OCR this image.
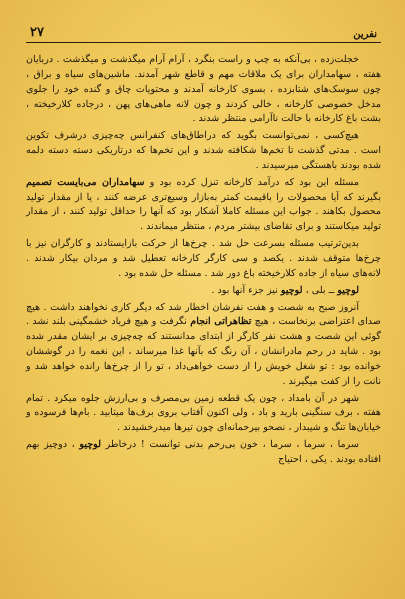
۲۷	نفرین

خجلت‌زده ، بی‌آنکه به چپ و راست بنگرد ، آرام آرام میگذشت و میگذشت . دربایان هفته ، سهامداران برای یک ملاقات مهم و قاطع شهر آمدند. ماشین‌های سیاه و براق ، چون سوسک‌های شتابزده ، بسوی کارخانه آمدند و محتویات چاق و گنده خود را جلوی مدخل خصوصی کارخانه ، خالی کردند و چون لانه ماهی‌های پهن ، درجاده کلارخیخته ، بشت باغ کارخانه با حالت ناآرامی منتظر شدند .

هیچ‌کسی ، نمی‌توانست بگوید که دراطاق‌های کنفرانس چه‌چیزی درشرف تکوین است . مدتی گذشت تا تخم‌ها شکافته شدند و این تخم‌ها که درتاریکی دسته دسته دلمه شده بودند باهستگی میرسیدند .

مسئله این بود که درآمد کارخانه تنزل کرده بود و سهامداران می‌بایست تصمیم بگیرند که آیا محصولات را باقیمت کمتر به‌بازار وسیع‌تری عرضه کنند ، یا از مقدار تولید محصول بکاهند . جواب این مسئله کاملا آشکار بود که آنها را حداقل تولید کنند ، از مقدار تولید میکاستند و برای تقاضای بیشتر مردم ، منتظر میماندند .

بدین‌ترتیب مسئله بسرعت حل شد . چرخ‌ها از حرکت بازایستادند و کارگران نیز با چرخ‌ها متوقف شدند . یکصد و سی کارگر کارخانه تعطیل شد و مردان بیکار شدند . لانه‌های سیاه از جاده کلارخیخته باغ دور شد . مسئله حل شده بود .

لوچیو ــ بلی ، لوچیو نیز جزء آنها بود .

آنروز صبح به شصت و هفت نفرشان اخطار شد که دیگر کاری نخواهند داشت . هیچ صدای اعتراضی برنخاست ، هیچ تظاهراتی انجام نگرفت و هیچ فریاد خشمگینی بلند نشد . گوئی این شصت و هشت نفر کارگر از ابتدای مدانستند که چه‌چیزی بر ایشان مقدر شده بود . شاید در رحم مادرانشان ، آن رنگ که بآنها غذا میرساند ، این نغمه را در گوششان خوانده بود : تو شغل خویش را از دست خواهی‌داد ، تو را از چرخ‌ها رانده خواهد شد و نانت را از کفت میگیرند .

شهر در آن بامداد ، چون یک قطعه زمین بی‌مصرف و بی‌ارزش جلوه میکرد . تمام هفته ، برف سنگینی بارید و باد ، ولی اکنون آفتاب بروی برف‌ها میتابید . بام‌ها فرسوده و خیابان‌ها تنگ و شیبدار ، نصحو بیرحمانه‌ای چون تیرها میدرخشیدند .

سرما ، سرما ، سرما ، خون بی‌رحم بدنی توانست ! درخاطر لوچیو ، دوچیز بهم افتاده بودند . یکی ، احتیاج
